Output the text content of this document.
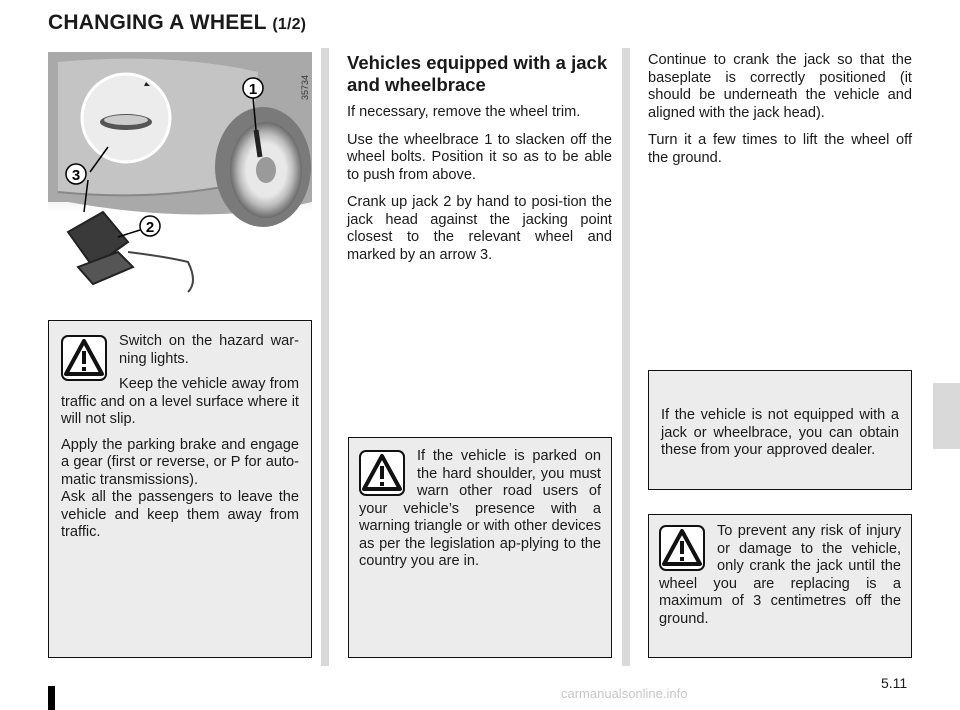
CHANGING A WHEEL (1/2)
1
2
3
35734

Switch on the hazard war-ning lights.

Keep the vehicle away from traffic and on a level surface where it will not slip.

Apply the parking brake and engage a gear (first or reverse, or P for auto-matic transmissions).

Ask all the passengers to leave the vehicle and keep them away from traffic.

Vehicles equipped with a jack and wheelbrace

If necessary, remove the wheel trim.

Use the wheelbrace 1 to slacken off the wheel bolts. Position it so as to be able to push from above.

Crank up jack 2 by hand to posi-tion the jack head against the jacking point closest to the relevant wheel and marked by an arrow 3.

If the vehicle is parked on the hard shoulder, you must warn other road users of your vehicle’s presence with a warning triangle or with other devices as per the legislation ap-plying to the country you are in.

Continue to crank the jack so that the baseplate is correctly positioned (it should be underneath the vehicle and aligned with the jack head).

Turn it a few times to lift the wheel off the ground.

If the vehicle is not equipped with a jack or wheelbrace, you can obtain these from your approved dealer.

To prevent any risk of injury or damage to the vehicle, only crank the jack until the wheel you are replacing is a maximum of 3 centimetres off the ground.

5.11
carmanualsonline.info
